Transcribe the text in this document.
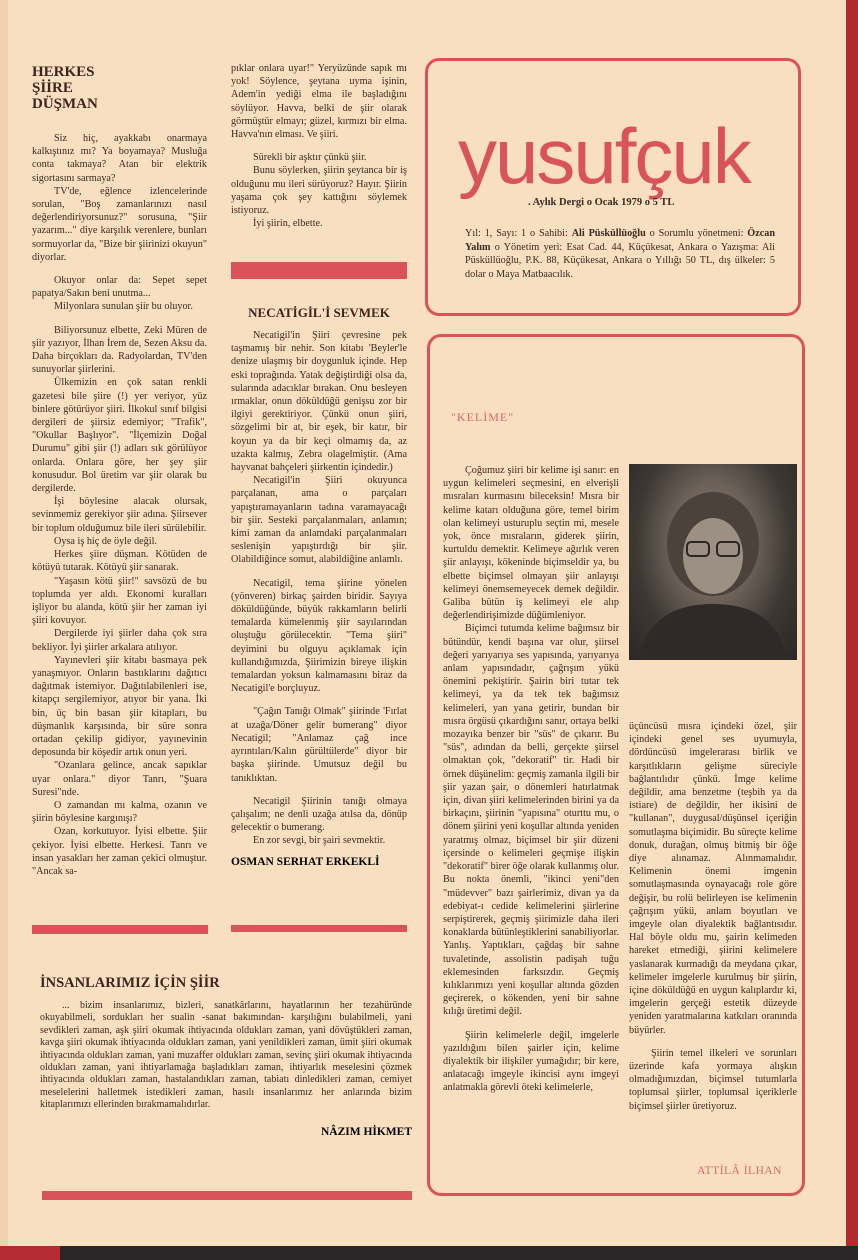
HERKES
ŞİİRE
DÜŞMAN

Siz hiç, ayakkabı onarmaya kalkıştınız mı? Ya boyamaya? Musluğa conta takmaya? Atan bir elektrik sigortasını sarmaya?

TV'de, eğlence izlencelerinde sorulan, "Boş zamanlarınızı nasıl değerlendiriyorsunuz?" sorusuna, "Şiir yazarım..." diye karşılık verenlere, bunları sormuyorlar da, "Bize bir şiirinizi okuyun" diyorlar.

Okuyor onlar da: Sepet sepet papatya/Sakın beni unutma...

Milyonlara sunulan şiir bu oluyor.

Biliyorsunuz elbette, Zeki Müren de şiir yazıyor, İlhan İrem de, Sezen Aksu da. Daha birçokları da. Radyolardan, TV'den sunuyorlar şiirlerini.

Ülkemizin en çok satan renkli gazetesi bile şiire (!) yer veriyor, yüz binlere götürüyor şiiri. İlkokul sınıf bilgisi dergileri de şiirsiz edemiyor; "Trafik", "Okullar Başlıyor". "İlçemizin Doğal Durumu" gibi şiir (!) adları sık görülüyor onlarda. Onlara göre, her şey şiir konusudur. Bol üretim var şiir olarak bu dergilerde.

İşi böylesine alacak olursak, sevinmemiz gerekiyor şiir adına. Şiirsever bir toplum olduğumuz bile ileri sürülebilir.

Oysa iş hiç de öyle değil.

Herkes şiire düşman. Kötüden de kötüyü tutarak. Kötüyü şiir sanarak.

"Yaşasın kötü şiir!" savsözü de bu toplumda yer aldı. Ekonomi kuralları işliyor bu alanda, kötü şiir her zaman iyi şiiri kovuyor.

Dergilerde iyi şiirler daha çok sıra bekliyor. İyi şiirler arkalara atılıyor.

Yayınevleri şiir kitabı basmaya pek yanaşmıyor. Onların bastıklarını dağıtıcı dağıtmak istemiyor. Dağıtılabilenleri ise, kitapçı sergilemiyor, atıyor bir yana. İki bin, üç bin basan şiir kitapları, bu düşmanlık karşısında, bir süre sonra ortadan çekilip gidiyor, yayınevinin deposunda bir köşedir artık onun yeri.

"Ozanlara gelince, ancak sapıklar uyar onlara." diyor Tanrı, "Şuara Suresi"nde.

O zamandan mı kalma, ozanın ve şiirin böylesine kargınışı?

Ozan, korkutuyor. İyisi elbette. Şiir çekiyor. İyisi elbette. Herkesi. Tanrı ve insan yasakları her zaman çekici olmuştur. "Ancak sa-

pıklar onlara uyar!" Yeryüzünde sapık mı yok! Söylence, şeytana uyma işinin, Adem'in yediği elma ile başladığını söylüyor. Havva, belki de şiir olarak görmüştür elmayı; güzel, kırmızı bir elma. Havva'nın elması. Ve şiiri.

Sürekli bir aşktır çünkü şiir.

Bunu söylerken, şiirin şeytanca bir iş olduğunu mu ileri sürüyoruz? Hayır. Şiirin yaşama çok şey kattığını söylemek istiyoruz.

İyi şiirin, elbette.

NECATİGİL'İ SEVMEK

Necatigil'in Şiiri çevresine pek taşmamış bir nehir. Son kitabı 'Beyler'le denize ulaşmış bir doygunluk içinde. Hep eski toprağında. Yatak değiştirdiği olsa da, sularında adacıklar bırakan. Onu besleyen ırmaklar, onun döküldüğü genişsu zor bir ilgiyi gerektiriyor. Çünkü onun şiiri, sözgelimi bir at, bir eşek, bir katır, bir koyun ya da bir keçi olmamış da, az uzakta kalmış, Zebra olagelmiştir. (Ama hayvanat bahçeleri şiirkentin içindedir.)

Necatigil'in Şiiri okuyunca parçalanan, ama o parçaları yapıştıramayanların tadına varamayacağı bir şiir. Sesteki parçalanmaları, anlamın; kimi zaman da anlamdaki parçalanmaları seslenişin yapıştırdığı bir şiir. Olabildiğince somut, alabildiğine anlamlı.

Necatigil, tema şiirine yönelen (yönveren) birkaç şairden biridir. Sayıya döküldüğünde, büyük rakkamların belirli temalarda kümelenmiş şiir sayılarından oluştuğu görülecektir. "Tema şiiri" deyimini bu olguyu açıklamak için kullandığımızda, Şiirimizin bireye ilişkin temalardan yoksun kalmamasını biraz da Necatigil'e borçluyuz.

"Çağın Tanığı Olmak" şiirinde 'Fırlat at uzağa/Döner gelir bumerang" diyor Necatigil; "Anlamaz çağ ince ayrıntıları/Kalın gürültülerde" diyor bir başka şiirinde. Umutsuz değil bu tanıklıktan.

Necatigil Şiirinin tanığı olmaya çalışalım; ne denli uzağa atılsa da, dönüp gelecektir o bumerang.

En zor sevgi, bir şairi sevmektir.

OSMAN SERHAT ERKEKLİ
İNSANLARIMIZ İÇİN ŞİİR

... bizim insanlarımız, bizleri, sanatkârlarını, hayatlarının her tezahüründe okuyabilmeli, sordukları her sualin -sanat bakımından- karşılığını bulabilmeli, yani sevdikleri zaman, aşk şiiri okumak ihtiyacında oldukları zaman, yani dövüştükleri zaman, kavga şiiri okumak ihtiyacında oldukları zaman, yani yenildikleri zaman, ümit şiiri okumak ihtiyacında oldukları zaman, yani muzaffer oldukları zaman, sevinç şiiri okumak ihtiyacında oldukları zaman, yani ihtiyarlamağa başladıkları zaman, ihtiyarlık meselesini çözmek ihtiyacında oldukları zaman, hastalandıkları zaman, tabiatı dinledikleri zaman, cemiyet meselelerini halletmek istedikleri zaman, hasılı insanlarımız her anlarında bizim kitaplarımızı ellerinden bırakmamalıdırlar.

NÂZIM HİKMET
yusufçuk
. Aylık Dergi o Ocak 1979 o 5 TL
Yıl: 1, Sayı: 1 o Sahibi: Ali Püsküllüoğlu o Sorumlu yönetmeni: Özcan Yalım o Yönetim yeri: Esat Cad. 44, Küçükesat, Ankara o Yazışma: Ali Püsküllüoğlu, P.K. 88, Küçükesat, Ankara o Yıllığı 50 TL, dış ülkeler: 5 dolar o Maya Matbaacılık.
"KELİME"

Çoğumuz şiiri bir kelime işi sanır: en uygun kelimeleri seçmesini, en elverişli mısraları kurmasını bileceksin! Mısra bir kelime katarı olduğuna göre, temel birim olan kelimeyi usturuplu seçtin mi, mesele yok, önce mısraların, giderek şiirin, kurtuldu demektir. Kelimeye ağırlık veren şiir anlayışı, kökeninde biçimseldir ya, bu elbette biçimsel olmayan şiir anlayışı kelimeyi önemsemeyecek demek değildir. Galiba bütün iş kelimeyi ele alıp değerlendirişimizde düğümleniyor.

Biçimci tutumda kelime bağımsız bir bütündür, kendi başına var olur, şiirsel değeri yarıyarıya ses yapısında, yarıyarıya anlam yapısındadır, çağrışım yükü önemini pekiştirir. Şairin biri tutar tek kelimeyi, ya da tek tek bağımsız kelimeleri, yan yana getirir, bundan bir mısra örgüsü çıkardığını sanır, ortaya belki mozayıka benzer bir "süs" de çıkarır. Bu "süs", adından da belli, gerçekte şiirsel olmaktan çok, "dekoratif" tir. Hadi bir örnek düşünelim: geçmiş zamanla ilgili bir şiir yazan şair, o dönemleri hatırlatmak için, divan şiiri kelimelerinden birini ya da birkaçını, şiirinin "yapısına" oturttu mu, o dönem şiirini yeni koşullar altında yeniden yaratmış olmaz, biçimsel bir şiir düzeni içersinde o kelimeleri geçmişe ilişkin "dekoratif" birer öğe olarak kullanmış olur. Bu nokta önemli, "ikinci yeni"den "müdevver" bazı şairlerimiz, divan ya da edebiyat-ı cedide kelimelerini şiirlerine serpiştirerek, geçmiş şiirimizle daha ileri konaklarda bütünleştiklerini sanabiliyorlar. Yanlış. Yaptıkları, çağdaş bir sahne tuvaletinde, assolistin padişah tuğu eklemesinden farksızdır. Geçmiş kılıklarımızı yeni koşullar altında gözden geçirerek, o kökenden, yeni bir sahne kılığı üretimi değil.

Şiirin kelimelerle değil, imgelerle yazıldığını bilen şairler için, kelime diyalektik bir ilişkiler yumağıdır; bir kere, anlatacağı imgeyle ikincisi aynı imgeyi anlatmakla görevli öteki kelimelerle,

üçüncüsü mısra içindeki özel, şiir içindeki genel ses uyumuyla, dördüncüsü imgelerarası birlik ve karşıtlıkların gelişme süreciyle bağlantılıdır çünkü. İmge kelime değildir, ama benzetme (teşbih ya da istiare) de değildir, her ikisini de "kullanan", duygusal/düşünsel içeriğin somutlaşma biçimidir. Bu süreçte kelime donuk, durağan, olmuş bitmiş bir öğe diye alınamaz. Alınmamalıdır. Kelimenin önemi imgenin somutlaşmasında oynayacağı role göre değişir, bu rolü belirleyen ise kelimenin çağrışım yükü, anlam boyutları ve imgeyle olan diyalektik bağlantısıdır. Hal böyle oldu mu, şairin kelimeden hareket etmediği, şiirini kelimelere yaslanarak kurmadığı da meydana çıkar, kelimeler imgelerle kurulmuş bir şiirin, içine döküldüğü en uygun kalıplardır ki, imgelerin gerçeği estetik düzeyde yeniden yaratmalarına katkıları oranında büyürler.

Şiirin temel ilkeleri ve sorunları üzerinde kafa yormaya alışkın olmadığımızdan, biçimsel tutumlarla toplumsal şiirler, toplumsal içeriklerle biçimsel şiirler üretiyoruz.

ATTİLÂ İLHAN
